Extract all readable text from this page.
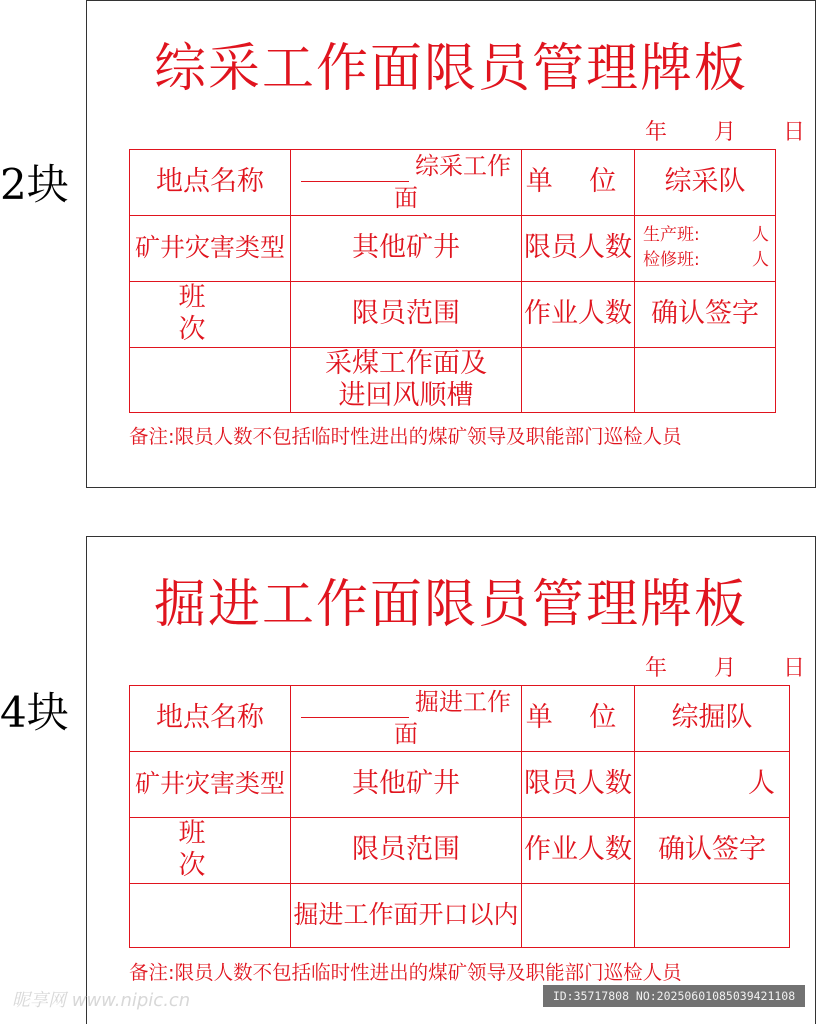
2块
4块
综采工作面限员管理牌板
年 月 日
地点名称	综采工作面	单 位	综采队
矿井灾害类型	其他矿井	限员人数	生产班: 人
检修班: 人

班 次	限员范围	作业人数	确认签字
	采煤工作面及
进回风顺槽		
备注:限员人数不包括临时性进出的煤矿领导及职能部门巡检人员
掘进工作面限员管理牌板
年 月 日
地点名称	掘进工作面	单 位	综掘队
矿井灾害类型	其他矿井	限员人数	人
班 次	限员范围	作业人数	确认签字
	掘进工作面开口以内		
备注:限员人数不包括临时性进出的煤矿领导及职能部门巡检人员
昵享网 www.nipic.cn	ID:35717808 NO:20250601085039421108
